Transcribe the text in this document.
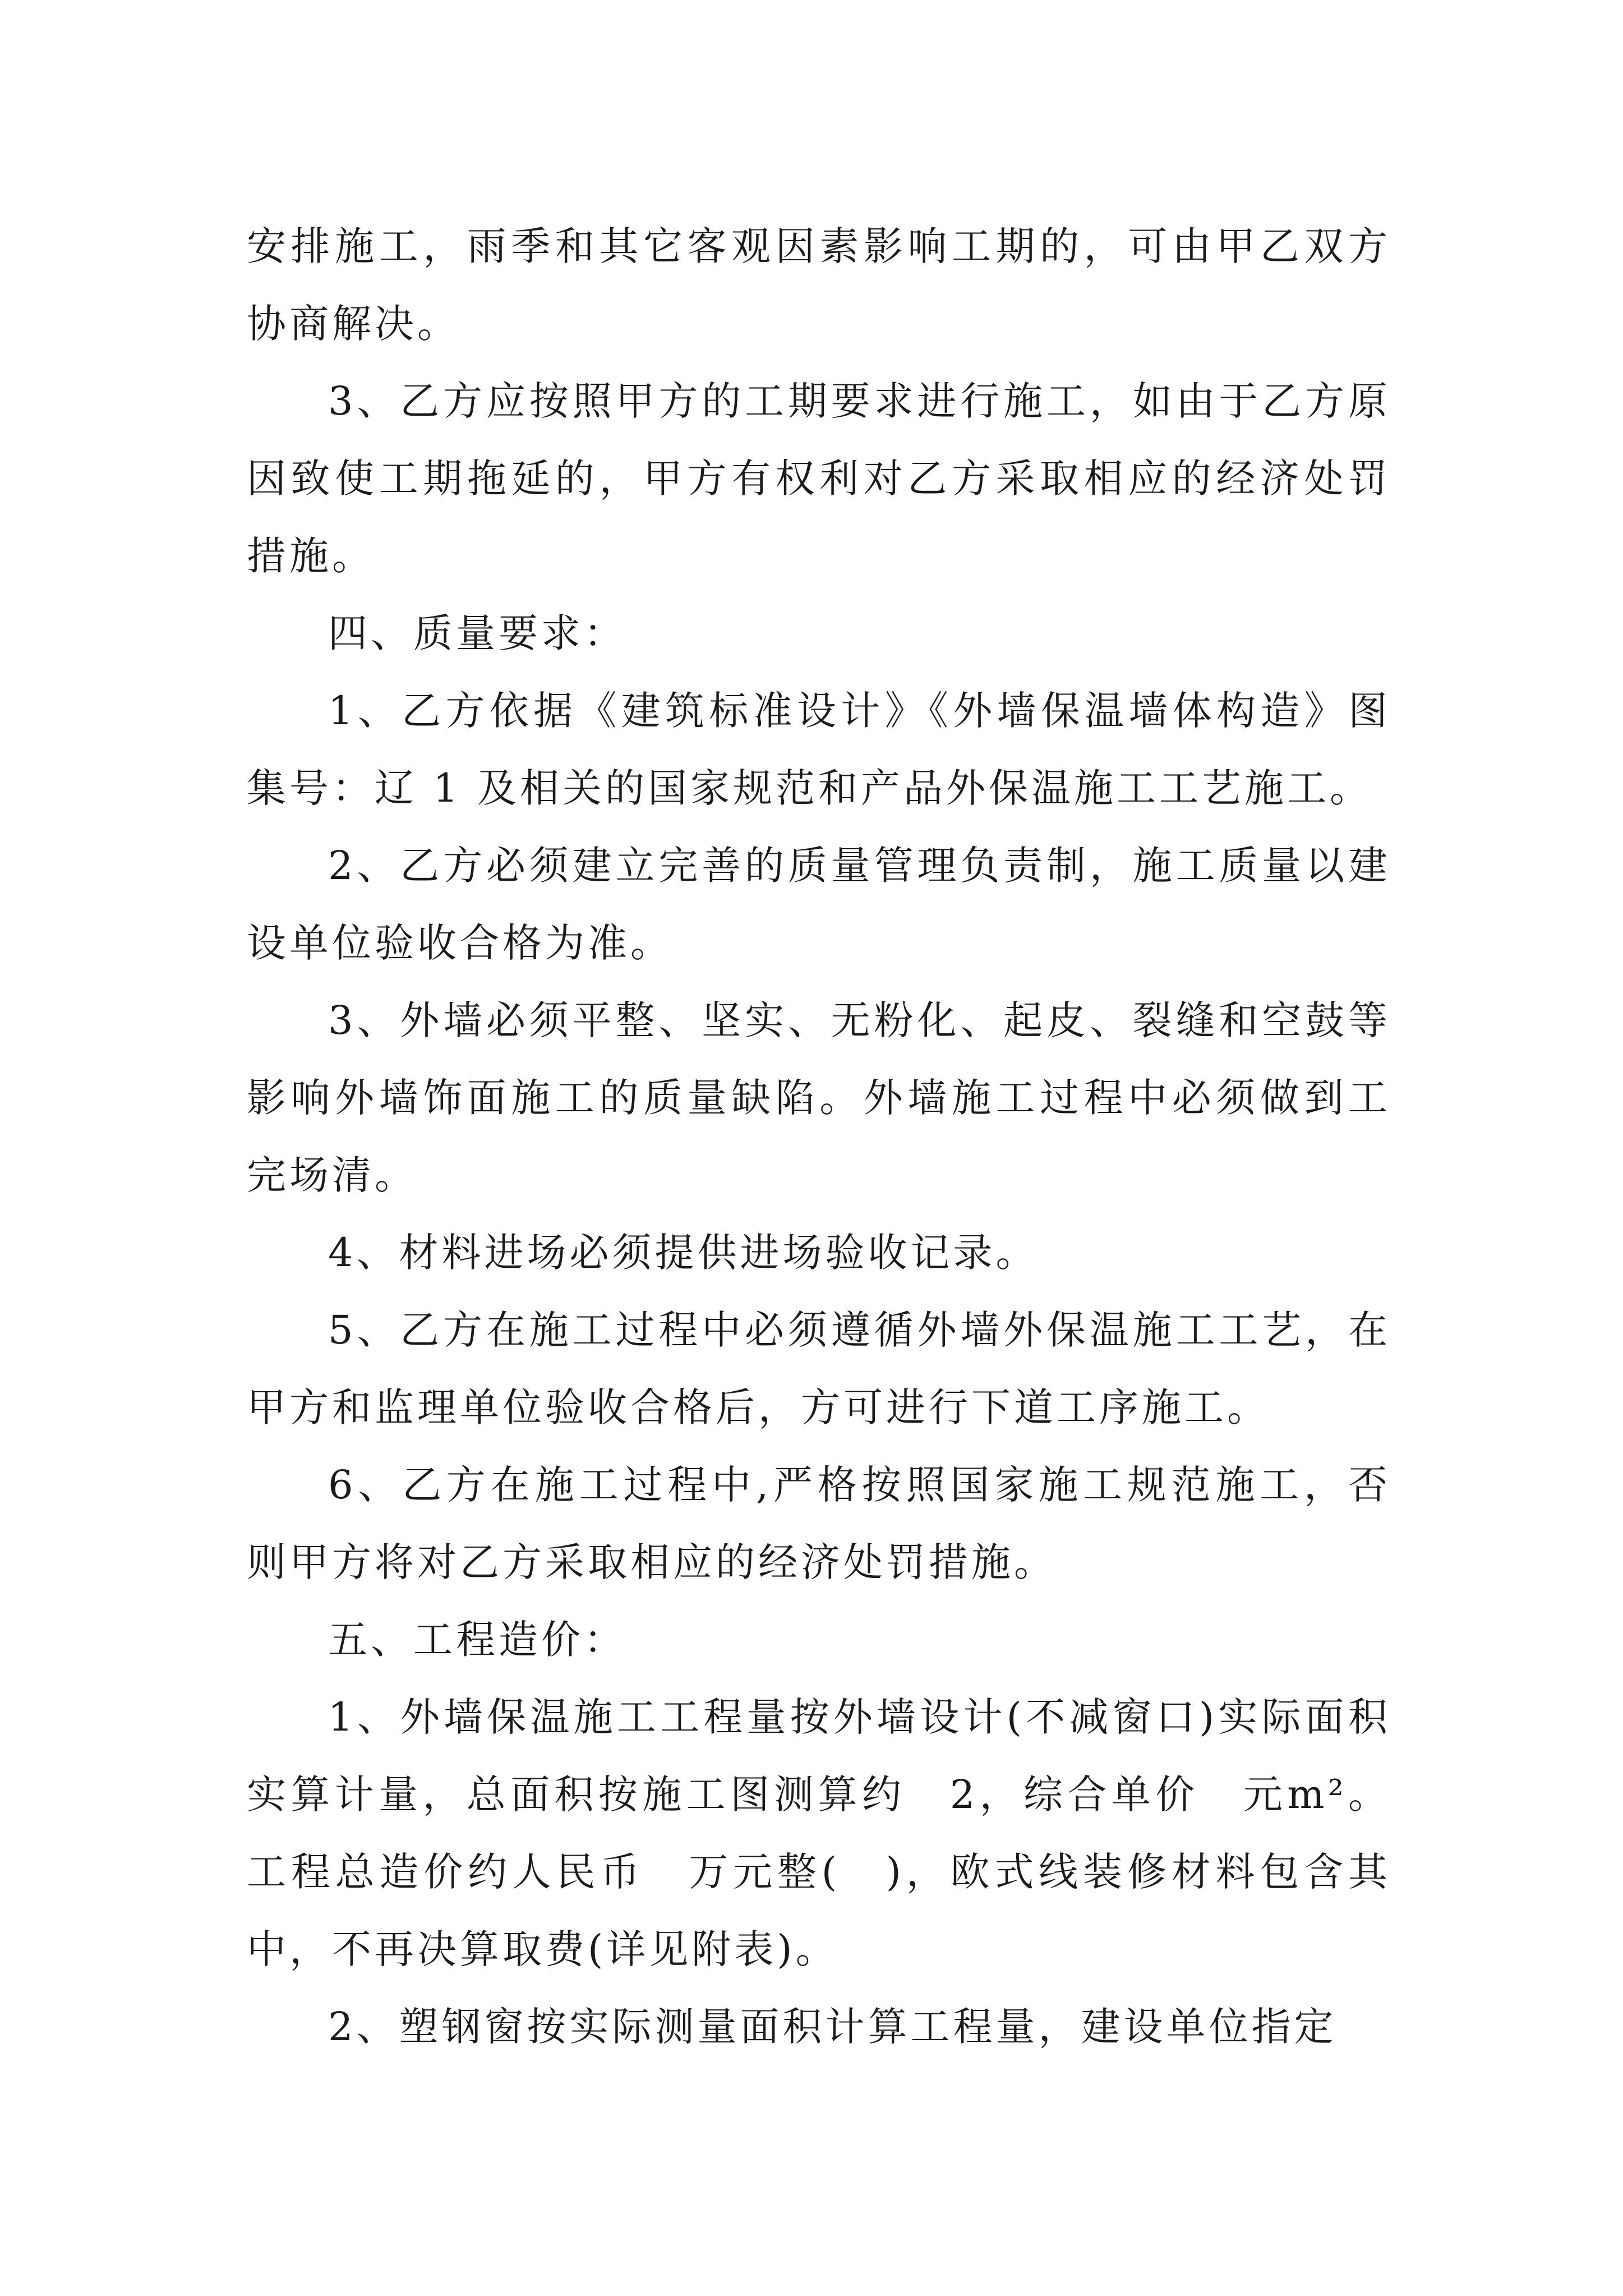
安排施工，雨季和其它客观因素影响工期的，可由甲乙双方协商解决。

3、乙方应按照甲方的工期要求进行施工，如由于乙方原因致使工期拖延的，甲方有权利对乙方采取相应的经济处罚措施。

四、质量要求：

1、乙方依据《建筑标准设计》《外墙保温墙体构造》图集号：辽 1 及相关的国家规范和产品外保温施工工艺施工。

2、乙方必须建立完善的质量管理负责制，施工质量以建设单位验收合格为准。

3、外墙必须平整、坚实、无粉化、起皮、裂缝和空鼓等影响外墙饰面施工的质量缺陷。外墙施工过程中必须做到工完场清。

4、材料进场必须提供进场验收记录。

5、乙方在施工过程中必须遵循外墙外保温施工工艺，在甲方和监理单位验收合格后，方可进行下道工序施工。

6、乙方在施工过程中,严格按照国家施工规范施工，否则甲方将对乙方采取相应的经济处罚措施。

五、工程造价：

1、外墙保温施工工程量按外墙设计(不减窗口)实际面积实算计量，总面积按施工图测算约　2，综合单价　元m²。工程总造价约人民币　万元整(　)，欧式线装修材料包含其中，不再决算取费(详见附表)。

2、塑钢窗按实际测量面积计算工程量，建设单位指定
